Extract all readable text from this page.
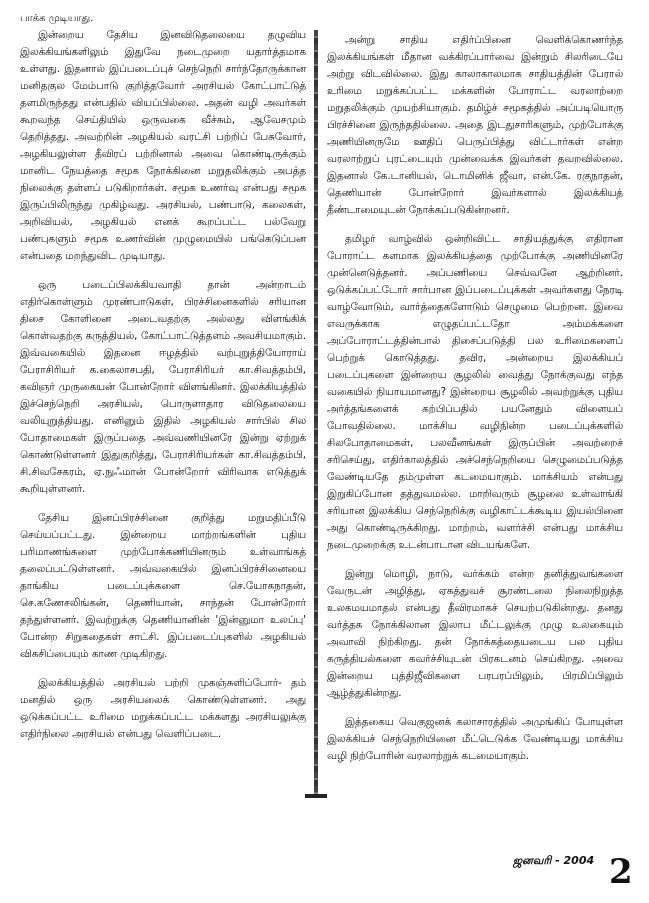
பாக்க முடியாது.

இன்றைய தேசிய இனவிடுதலையை தழுவிய இலக்கியங்களிலும் இதுவே நடைமுறை யதார்த்தமாக உள்ளது. இதனால் இப்படைப்புச் செந்நெறி சார்ந்தோருக்கான மனிதகுல மேம்பாடு குறித்தவோர் அரசியல் கோட்பாட்டுத் தளமிருந்தது என்பதில் வியப்பில்லை. அதன் வழி அவர்கள் கூறவந்த செய்தியில் ஒருவகை வீச்சும், ஆவேசமும் தெறித்தது. அவற்றின் அழகியல் வரட்சி பற்றிப் பேசுவோர், அழகியலுள்ள தீவிரப் பற்றினால் அவை கொண்டிருக்கும் மானிட நேயத்தை சமூக நோக்கினை மறுதலிக்கும் அபத்த நிலைக்கு தள்ளப் படுகிறார்கள். சமூக உணர்வு என்பது சமூக இருப்பிலிருந்து முகிழ்வது. அரசியல், பண்பாடு, கலைகள், அறிவியல், அழகியல் எனக் கூறப்பட்ட பல்வேறு பண்புகளும் சமூக உணர்வின் முழுமையில் பங்கெடுப்பன என்பதை மறந்துவிட முடியாது.

ஒரு படைப்பிலக்கியவாதி தான் அன்றாடம் எதிர்கொள்ளும் முரண்பாடுகள், பிரச்சினைகளில் சரியான திசை கோளினை அடைவதற்கு அல்லது விளங்கிக் கொள்வதற்கு கருத்தியல், கோட்பாட்டுத்தளம் அவசியமாகும். இவ்வகையில் இதனை ஈழத்தில் வற்புறுத்தியோராய் பேராசிரியர் க.கைலாசபதி, பேராசிரியர் கா.சிவத்தம்பி, கவிஞர் முருகையன் போன்றோர் விளங்கினர். இலக்கியத்தில் இச்செந்நெறி அரசியல், பொருளாதார விடுதலையை வலியுறுத்தியது. எனினும் இதில் அழகியல் சார்பில் சில போதாமைகள் இருப்பதை அவ்வணியினரே இன்று ஏற்றுக் கொண்டுள்ளனர் இதுகுறித்து, பேராசிரியர்கள் கா.சிவத்தம்பி, சி.சிவசேகரம், ஏ.நுஃமான் போன்றோர் விரிவாக எடுத்துக் கூறியுள்ளனர்.

தேசிய இனப்பிரச்சினை குறித்து மறுமதிப்பீடு செய்யப்பட்டது. இன்றைய மாற்றங்களின் புதிய பரிமாணங்களை முற்போக்கணியினரும் உள்வாங்கத் தலைப்பட்டுள்ளனர். அவ்வகையில் இனப்பிரச்சினையை தாங்கிய படைப்புக்களை செ.யோகநாதன், செ.கணேசலிங்கன், தெணியான், சாந்தன் போன்றோர் தந்துள்ளனர். இவற்றுக்கு தெணியானின் 'இன்னுமா உலப்பு' போன்ற சிறுகதைகள் சாட்சி. இப்படைப்புகளில் அழகியல் விகசிப்பையும் காண முடிகிறது.

இலக்கியத்தில் அரசியல் பற்றி முகஞ்சுளிப்போர்- தம் மனதில் ஒரு அரசியலைக் கொண்டுள்ளனர். அது ஒடுக்கப்பட்ட உரிமை மறுக்கப்பட்ட மக்களது அரசியலுக்கு எதிர்நிலை அரசியல் என்பது வெளிப்படை.

அன்று சாதிய எதிர்ப்பினை வெளிக்கொணர்ந்த இலக்கியங்கள் மீதான வக்கிரப்பார்வை இன்றும் சிலரிடையே அற்று விடவில்லை. இது காலாகாலமாக சாதியத்தின் பேரால் உரிமை மறுக்கப்பட்ட மக்களின் போராட்ட வரலாற்றை மறுதலிக்கும் முயற்சியாகும். தமிழ்ச் சமூகத்தில் அப்படியொரு பிரச்சினை இருந்ததில்லை. அதை இடதுசாரிகளும், முற்போக்கு அணியினருமே ஊதிப் பெருப்பித்து விட்டார்கள் என்ற வரலாற்றுப் புரட்டையும் முன்வைக்க இவர்கள் தவறவில்லை. இதனால் கே.டானியல், டொமினிக் ஜீவா, என்.கே. ரகுநாதன், தெணியான் போன்றோர் இவர்களால் இலக்கியத் தீண்டாமையுடன் நோக்கப்படுகின்றனர்.

தமிழர் வாழ்வில் ஒன்றிவிட்ட சாதியத்துக்கு எதிரான போராட்ட களமாக இலக்கியத்தை முற்போக்கு அணியினரே முன்னெடுத்தனர். அப்பணியை செவ்வனே ஆற்றினர். ஒடுக்கப்பட்டோர் சார்பான இப்படைப்புக்கள் அவர்களது நேரடி வாழ்வோடும், வார்த்தைகளோடும் செழுமை பெற்றன. இவை எவருக்காக எழுதப்பட்டதோ அம்மக்களை அப்போராட்டத்தின்பால் திசைப்படுத்தி பல உரிமைகளைப் பெற்றுக் கொடுத்தது. தவிர, அன்றைய இலக்கியப் படைப்புகளை இன்றைய சூழலில் வைத்து நோக்குவது எந்த வகையில் நியாயமானது? இன்றைய சூழலில் அவற்றுக்கு புதிய அர்த்தங்களைக் கற்பிப்பதில் பயனேதும் விளையப் போவதில்லை. மாக்சிய வழிநின்ற படைப்புக்களில் சிலபோதாமைகள், பலவீனங்கள் இருப்பின் அவற்றைச் சரிசெய்து, எதிர்காலத்தில் அச்செந்நெறியை செழுமைப்படுத்த வேண்டியதே தம்முள்ள கடமையாகும். மாக்சியம் என்பது இறுகிப்போன தத்துவமல்ல. மாறிவரும் சூழலை உள்வாங்கி சரியான இலக்கிய செந்நெறிக்கு வழிகாட்டக்கூடிய இயல்பினை அது கொண்டிருக்கிறது. மாற்றம், வளர்ச்சி என்பது மாக்சிய நடைமுறைக்கு உடன்பாடான விடயங்களே.

இன்று மொழி, நாடு, வர்க்கம் என்ற தனித்துவங்களை வேருடன் அழித்து, ஏகத்துவச் சூரண்டலை நிலைநிறுத்த உலகமயமாதல் என்பது தீவிரமாகச் செயற்படுகின்றது. தனது வர்த்தக நோக்கிலான இலாப மீட்டலுக்கு முழு உலகையும் அவாவி நிற்கிறது. தன் நோக்கத்தையடைய பல புதிய கருத்தியல்களை கவர்ச்சியுடன் பிரகடனம் செய்கிறது. அவை இன்றைய புத்திஜீவிகளை பரபரப்பிலும், பிரமிப்பிலும் ஆழ்த்துகின்றது.

இத்தகைய வெகுஜனக் கலாசாரத்தில் அமுங்கிப் போயுள்ள இலக்கியச் செந்நெறியினை மீட்டெடுக்க வேண்டியது மாக்சிய வழி நிற்போரின் வரலாற்றுக் கடமையாகும்.

ஜனவரி - 2004 2
